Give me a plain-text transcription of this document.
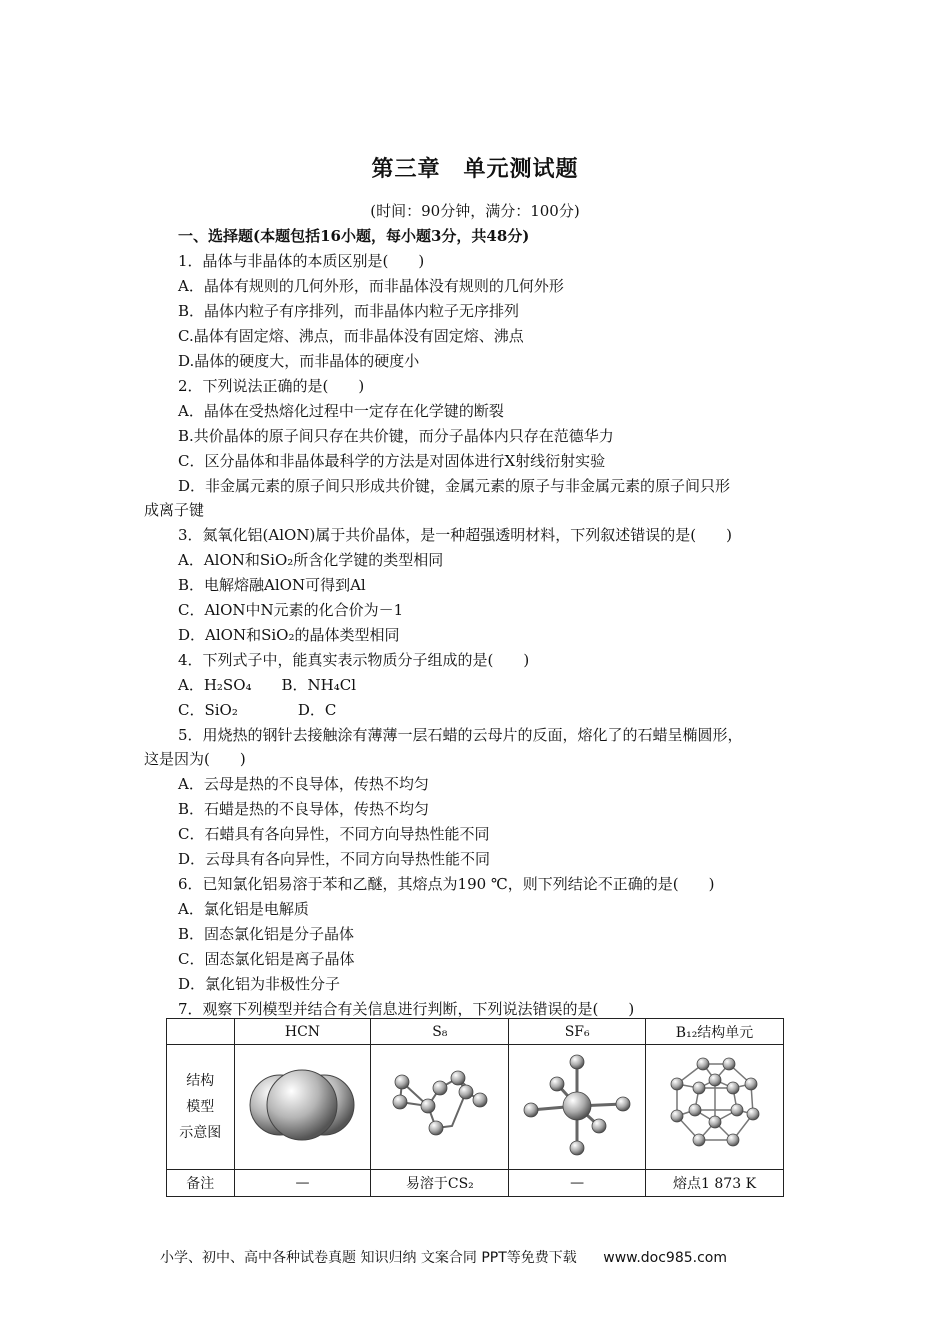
第三章　单元测试题
(时间：90分钟，满分：100分)
一、选择题(本题包括16小题，每小题3分，共48分)
1．晶体与非晶体的本质区别是(　　)
A．晶体有规则的几何外形，而非晶体没有规则的几何外形
B．晶体内粒子有序排列，而非晶体内粒子无序排列
C.晶体有固定熔、沸点，而非晶体没有固定熔、沸点
D.晶体的硬度大，而非晶体的硬度小
2．下列说法正确的是(　　)
A．晶体在受热熔化过程中一定存在化学键的断裂
B.共价晶体的原子间只存在共价键，而分子晶体内只存在范德华力
C．区分晶体和非晶体最科学的方法是对固体进行X射线衍射实验
D．非金属元素的原子间只形成共价键，金属元素的原子与非金属元素的原子间只形
成离子键
3．氮氧化铝(AlON)属于共价晶体，是一种超强透明材料，下列叙述错误的是(　　)
A．AlON和SiO₂所含化学键的类型相同
B．电解熔融AlON可得到Al
C．AlON中N元素的化合价为－1
D．AlON和SiO₂的晶体类型相同
4．下列式子中，能真实表示物质分子组成的是(　　)
A．H₂SO₄　　B．NH₄Cl
C．SiO₂　　　　D．C
5．用烧热的钢针去接触涂有薄薄一层石蜡的云母片的反面，熔化了的石蜡呈椭圆形，
这是因为(　　)
A．云母是热的不良导体，传热不均匀
B．石蜡是热的不良导体，传热不均匀
C．石蜡具有各向异性，不同方向导热性能不同
D．云母具有各向异性，不同方向导热性能不同
6．已知氯化铝易溶于苯和乙醚，其熔点为190 ℃，则下列结论不正确的是(　　)
A．氯化铝是电解质
B．固态氯化铝是分子晶体
C．固态氯化铝是离子晶体
D．氯化铝为非极性分子
7．观察下列模型并结合有关信息进行判断，下列说法错误的是(　　)
	HCN	S₈	SF₆	B₁₂结构单元

结构
模型
示意图

备注	—	易溶于CS₂	—	熔点1 873 K
小学、初中、高中各种试卷真题 知识归纳 文案合同 PPT等免费下载 www.doc985.com
